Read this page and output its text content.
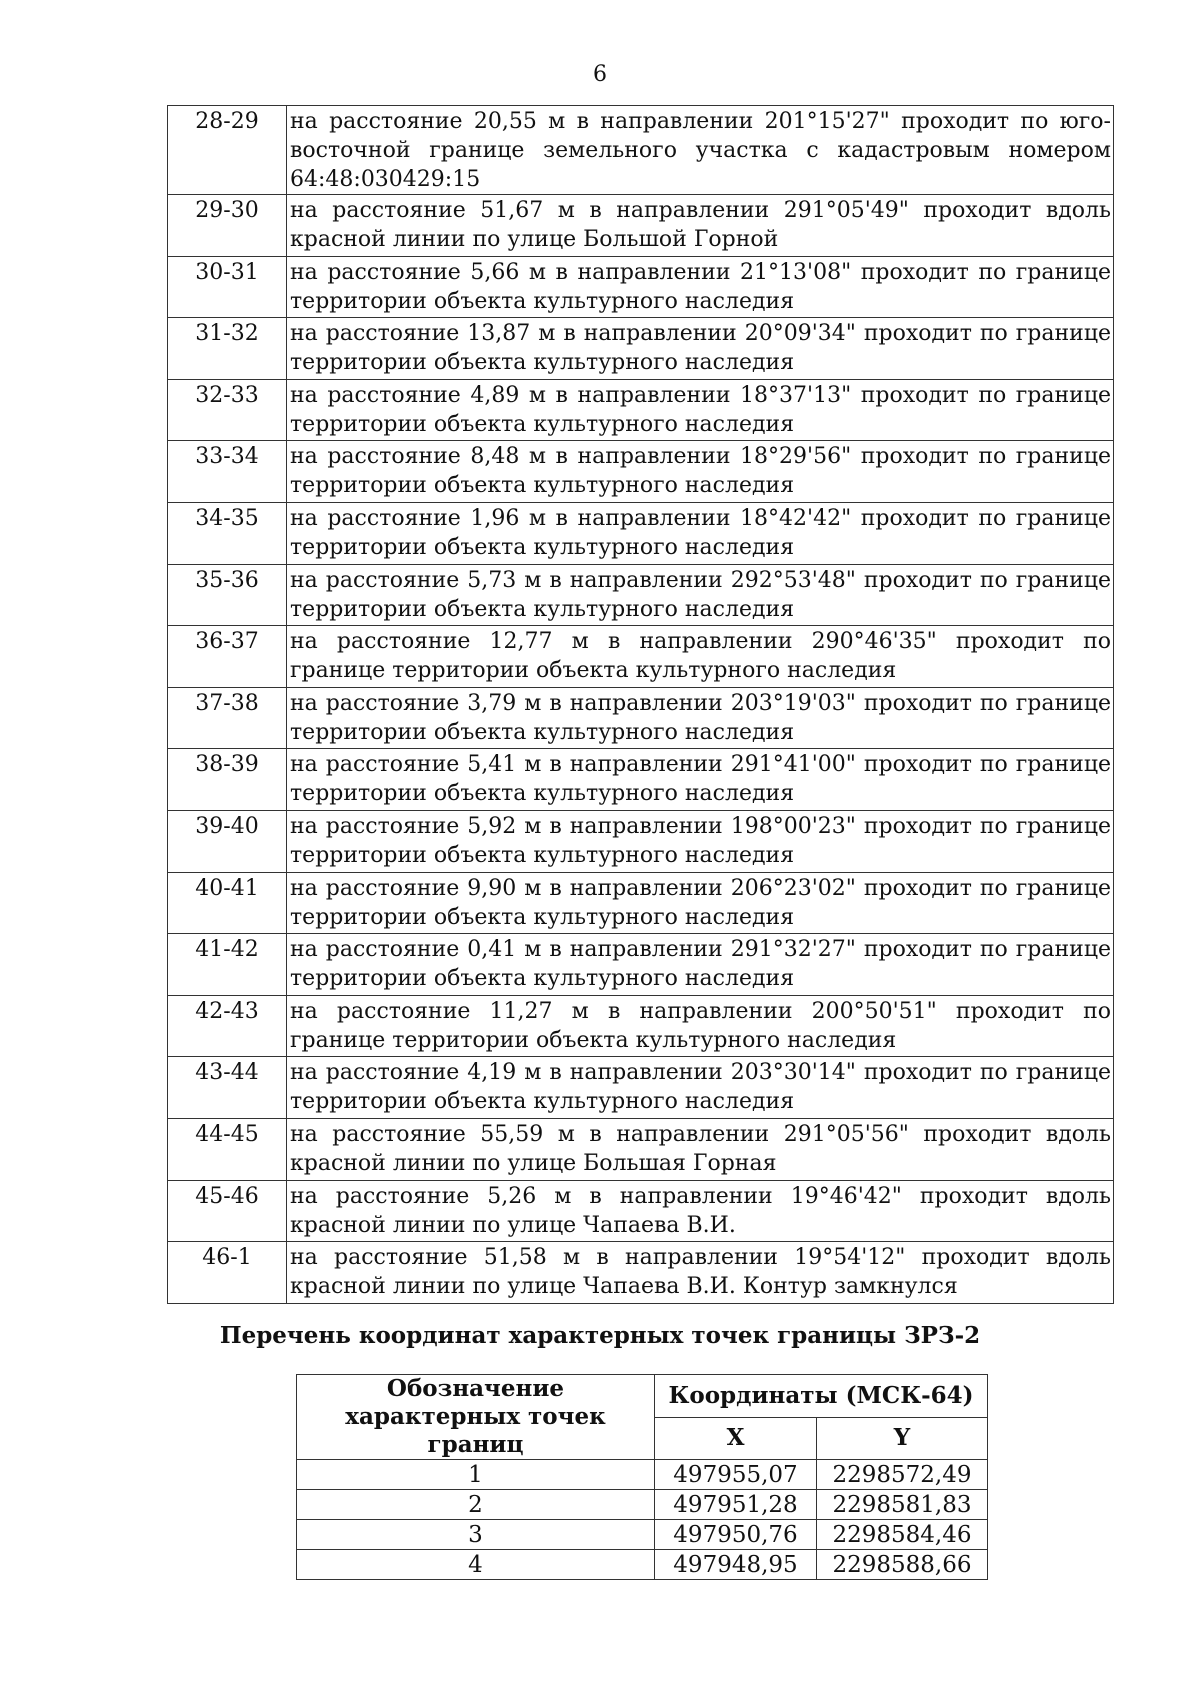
6
28-29	на расстояние 20,55 м в направлении 201°15'27" проходит по юго-восточной границе земельного участка с кадастровым номером 64:48:030429:15
29-30	на расстояние 51,67 м в направлении 291°05'49" проходит вдоль красной линии по улице Большой Горной
30-31	на расстояние 5,66 м в направлении 21°13'08" проходит по границе территории объекта культурного наследия
31-32	на расстояние 13,87 м в направлении 20°09'34" проходит по границе территории объекта культурного наследия
32-33	на расстояние 4,89 м в направлении 18°37'13" проходит по границе территории объекта культурного наследия
33-34	на расстояние 8,48 м в направлении 18°29'56" проходит по границе территории объекта культурного наследия
34-35	на расстояние 1,96 м в направлении 18°42'42" проходит по границе территории объекта культурного наследия
35-36	на расстояние 5,73 м в направлении 292°53'48" проходит по границе территории объекта культурного наследия
36-37	на расстояние 12,77 м в направлении 290°46'35" проходит по границе территории объекта культурного наследия
37-38	на расстояние 3,79 м в направлении 203°19'03" проходит по границе территории объекта культурного наследия
38-39	на расстояние 5,41 м в направлении 291°41'00" проходит по границе территории объекта культурного наследия
39-40	на расстояние 5,92 м в направлении 198°00'23" проходит по границе территории объекта культурного наследия
40-41	на расстояние 9,90 м в направлении 206°23'02" проходит по границе территории объекта культурного наследия
41-42	на расстояние 0,41 м в направлении 291°32'27" проходит по границе территории объекта культурного наследия
42-43	на расстояние 11,27 м в направлении 200°50'51" проходит по границе территории объекта культурного наследия
43-44	на расстояние 4,19 м в направлении 203°30'14" проходит по границе территории объекта культурного наследия
44-45	на расстояние 55,59 м в направлении 291°05'56" проходит вдоль красной линии по улице Большая Горная
45-46	на расстояние 5,26 м в направлении 19°46'42" проходит вдоль красной линии по улице Чапаева В.И.
46-1	на расстояние 51,58 м в направлении 19°54'12" проходит вдоль красной линии по улице Чапаева В.И. Контур замкнулся
Перечень координат характерных точек границы ЗРЗ-2
Обозначение характерных точек границ	Координаты (МСК-64)	
	X	Y
1	497955,07	2298572,49
2	497951,28	2298581,83
3	497950,76	2298584,46
4	497948,95	2298588,66
